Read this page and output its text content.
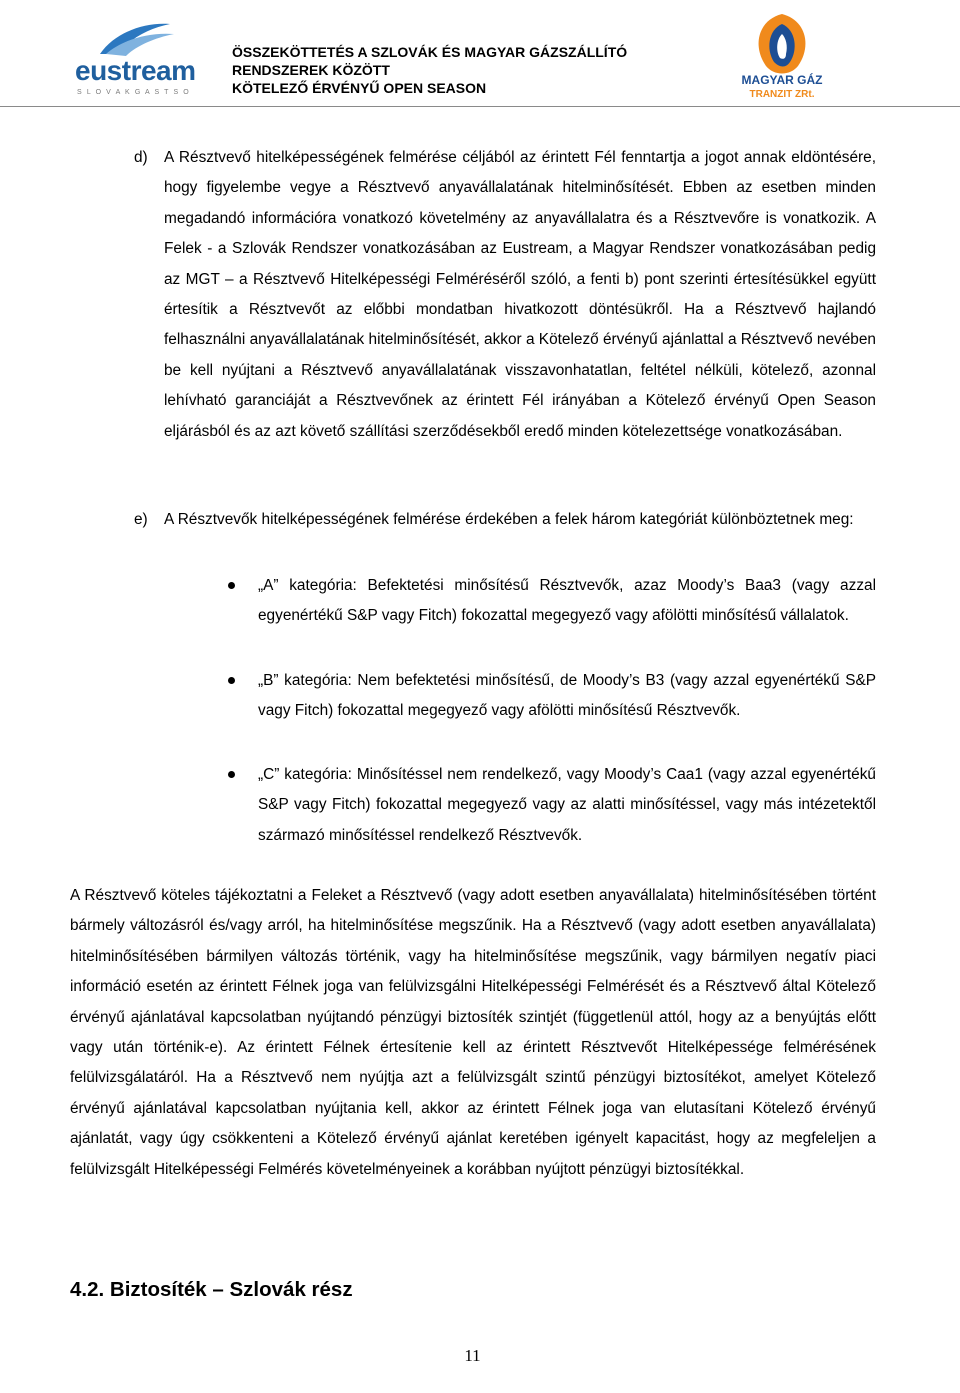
eustream
S L O V A K G A S T S O
ÖSSZEKÖTTETÉS A SZLOVÁK ÉS MAGYAR GÁZSZÁLLÍTÓ
RENDSZEREK KÖZÖTT
KÖTELEZŐ ÉRVÉNYŰ OPEN SEASON	MAGYAR GÁZ
TRANZIT ZRt.
d) A Résztvevő hitelképességének felmérése céljából az érintett Fél fenntartja a jogot annak eldöntésére, hogy figyelembe vegye a Résztvevő anyavállalatának hitelminősítését. Ebben az esetben minden megadandó információra vonatkozó követelmény az anyavállalatra és a Résztvevőre is vonatkozik. A Felek - a Szlovák Rendszer vonatkozásában az Eustream, a Magyar Rendszer vonatkozásában pedig az MGT – a Résztvevő Hitelképességi Felméréséről szóló, a fenti b) pont szerinti értesítésükkel együtt értesítik a Résztvevőt az előbbi mondatban hivatkozott döntésükről. Ha a Résztvevő hajlandó felhasználni anyavállalatának hitelminősítését, akkor a Kötelező érvényű ajánlattal a Résztvevő nevében be kell nyújtani a Résztvevő anyavállalatának visszavonhatatlan, feltétel nélküli, kötelező, azonnal lehívható garanciáját a Résztvevőnek az érintett Fél irányában a Kötelező érvényű Open Season eljárásból és az azt követő szállítási szerződésekből eredő minden kötelezettsége vonatkozásában.
e) A Résztvevők hitelképességének felmérése érdekében a felek három kategóriát különböztetnek meg:
„A” kategória: Befektetési minősítésű Résztvevők, azaz Moody’s Baa3 (vagy azzal egyenértékű S&P vagy Fitch) fokozattal megegyező vagy afölötti minősítésű vállalatok.
„B” kategória: Nem befektetési minősítésű, de Moody’s B3 (vagy azzal egyenértékű S&P vagy Fitch) fokozattal megegyező vagy afölötti minősítésű Résztvevők.
„C” kategória: Minősítéssel nem rendelkező, vagy Moody’s Caa1 (vagy azzal egyenértékű S&P vagy Fitch) fokozattal megegyező vagy az alatti minősítéssel, vagy más intézetektől származó minősítéssel rendelkező Résztvevők.
A Résztvevő köteles tájékoztatni a Feleket a Résztvevő (vagy adott esetben anyavállalata) hitelminősítésében történt bármely változásról és/vagy arról, ha hitelminősítése megszűnik. Ha a Résztvevő (vagy adott esetben anyavállalata) hitelminősítésében bármilyen változás történik, vagy ha hitelminősítése megszűnik, vagy bármilyen negatív piaci információ esetén az érintett Félnek joga van felülvizsgálni Hitelképességi Felmérését és a Résztvevő által Kötelező érvényű ajánlatával kapcsolatban nyújtandó pénzügyi biztosíték szintjét (függetlenül attól, hogy az a benyújtás előtt vagy után történik-e). Az érintett Félnek értesítenie kell az érintett Résztvevőt Hitelképessége felmérésének felülvizsgálatáról. Ha a Résztvevő nem nyújtja azt a felülvizsgált szintű pénzügyi biztosítékot, amelyet Kötelező érvényű ajánlatával kapcsolatban nyújtania kell, akkor az érintett Félnek joga van elutasítani Kötelező érvényű ajánlatát, vagy úgy csökkenteni a Kötelező érvényű ajánlat keretében igényelt kapacitást, hogy az megfeleljen a felülvizsgált Hitelképességi Felmérés követelményeinek a korábban nyújtott pénzügyi biztosítékkal.
4.2. Biztosíték – Szlovák rész
11
